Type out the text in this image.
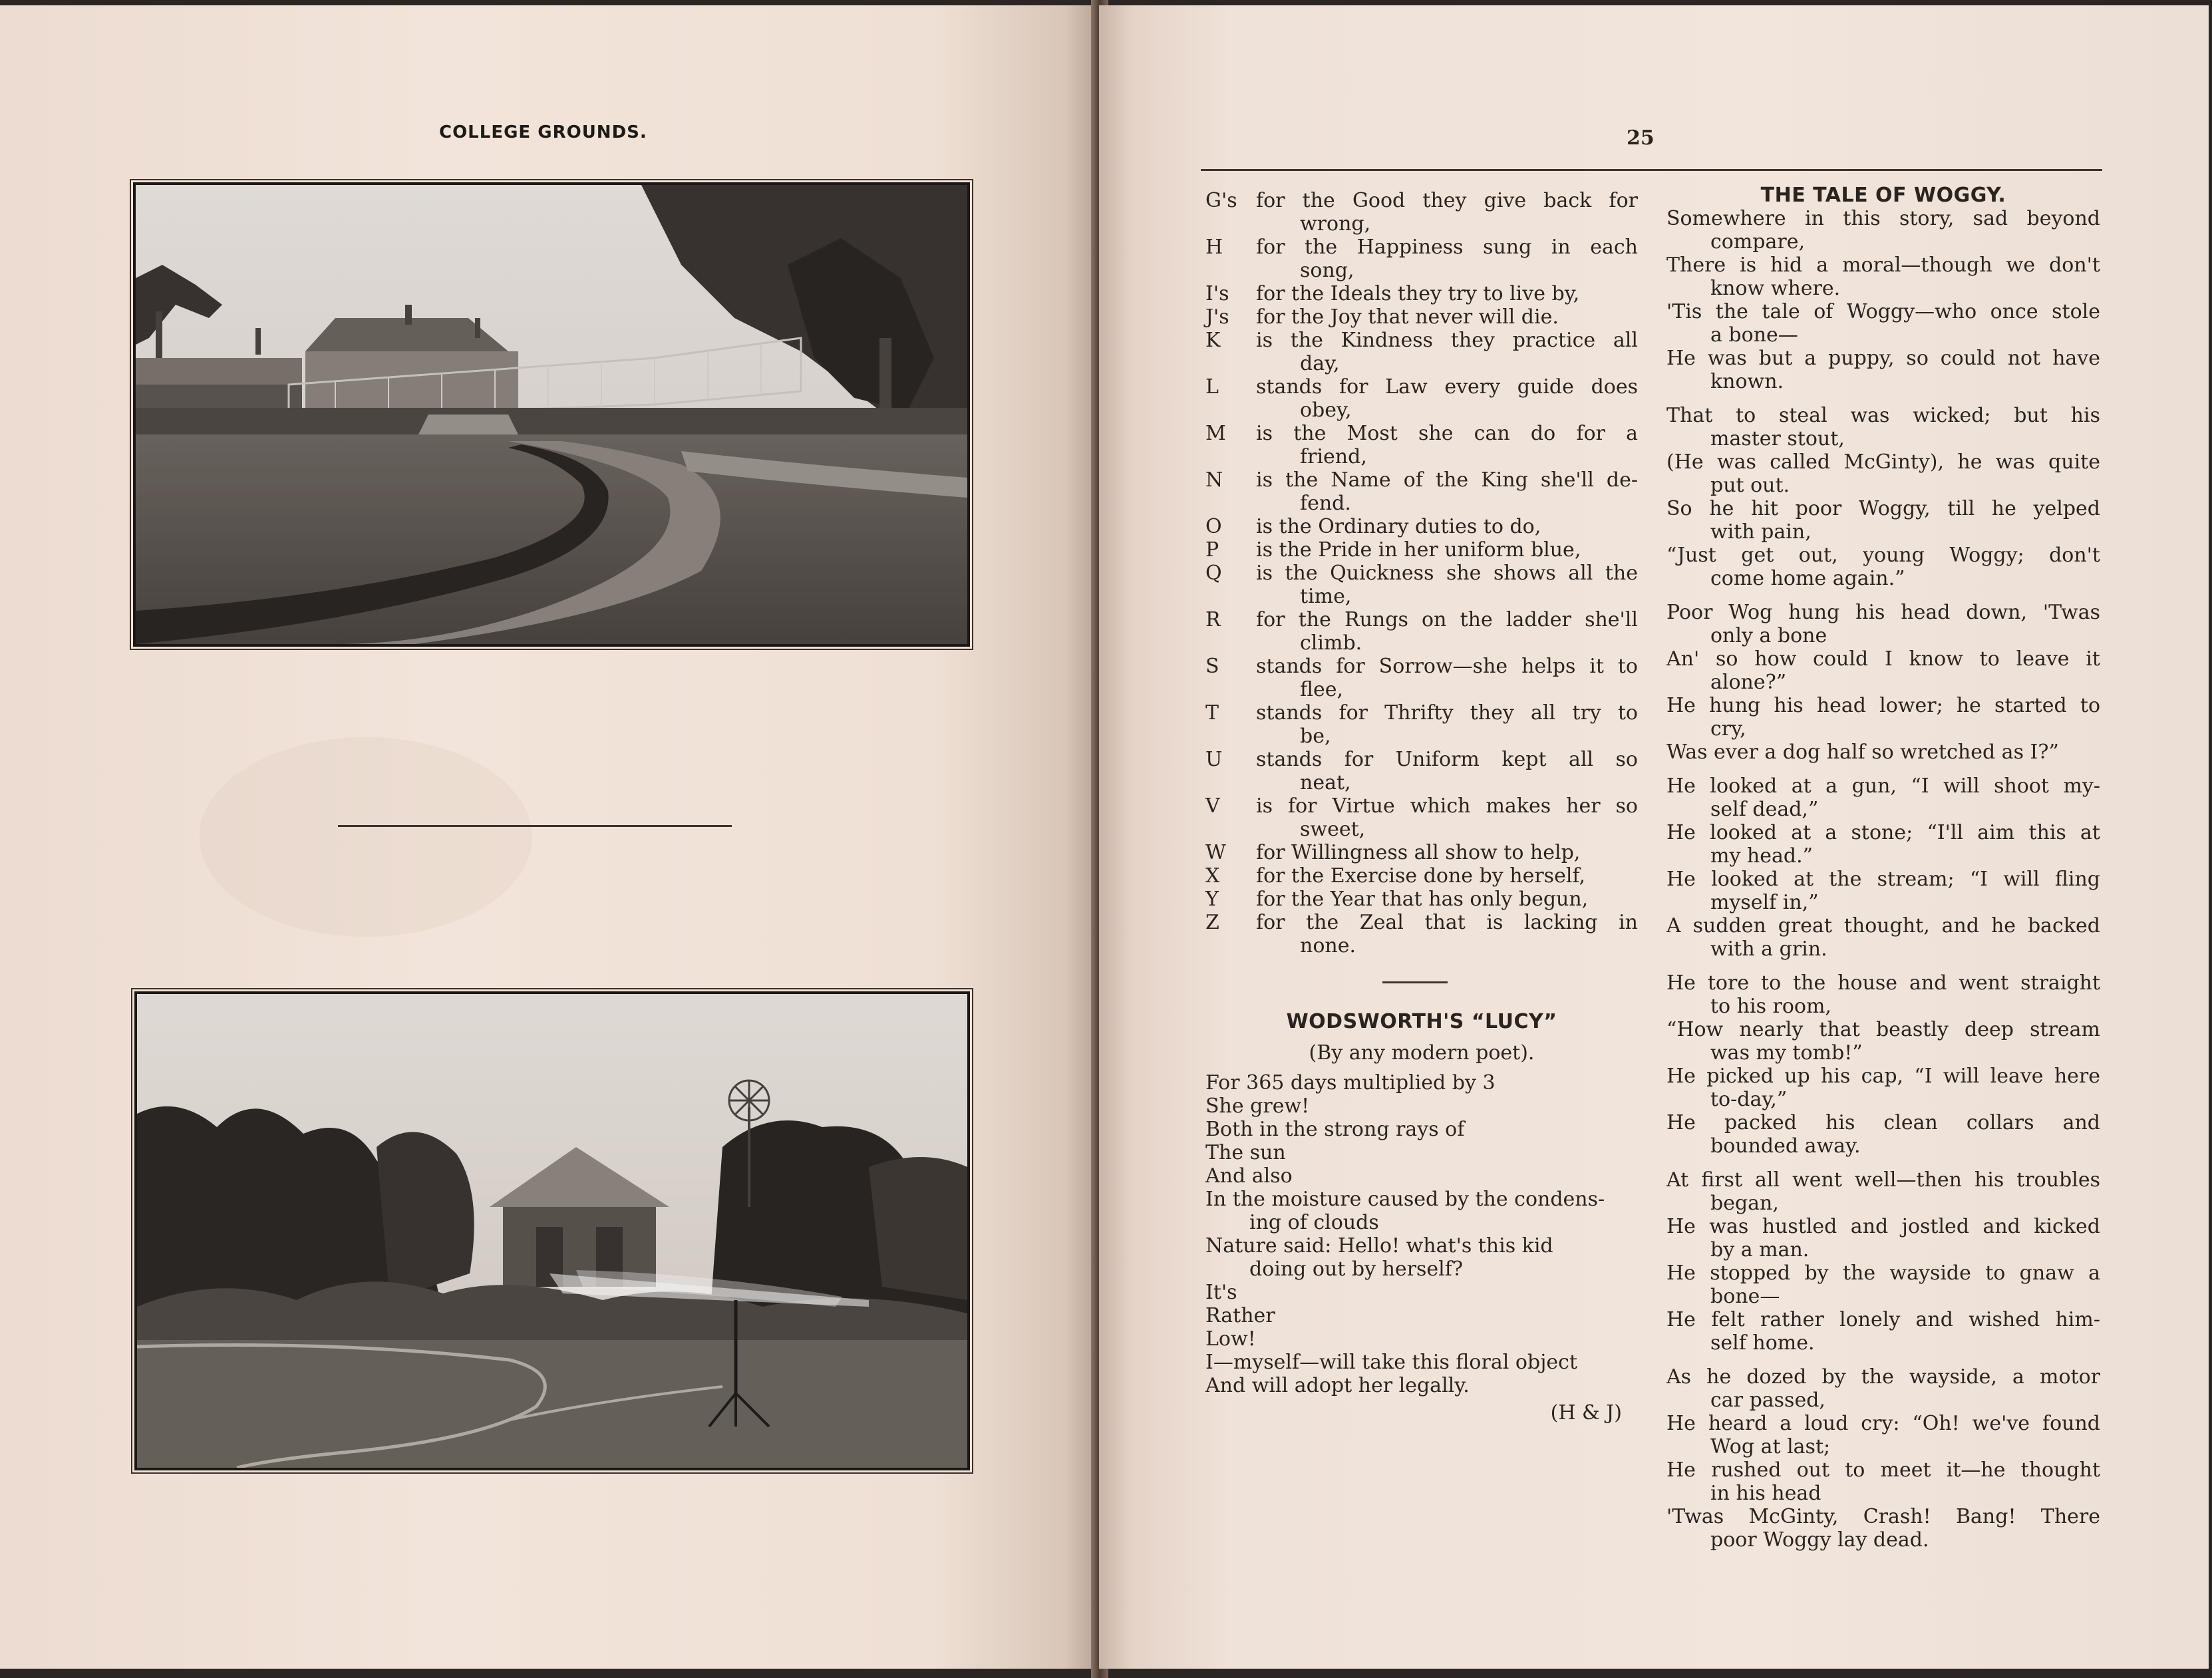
COLLEGE GROUNDS.	25
G's for the Good they give back for
wrong,
H for the Happiness sung in each
song,
I's for the Ideals they try to live by,
J's for the Joy that never will die.
K is the Kindness they practice all
day,
L stands for Law every guide does
obey,
M is the Most she can do for a
friend,
N is the Name of the King she'll de-
fend.
O is the Ordinary duties to do,
P is the Pride in her uniform blue,
Q is the Quickness she shows all the
time,
R for the Rungs on the ladder she'll
climb.
S stands for Sorrow—she helps it to
flee,
T stands for Thrifty they all try to
be,
U stands for Uniform kept all so
neat,
V is for Virtue which makes her so
sweet,
W for Willingness all show to help,
X for the Exercise done by herself,
Y for the Year that has only begun,
Z for the Zeal that is lacking in
none.
WODSWORTH'S “LUCY”
(By any modern poet).
For 365 days multiplied by 3
She grew!
Both in the strong rays of
The sun
And also
In the moisture caused by the condens-
ing of clouds
Nature said: Hello! what's this kid
doing out by herself?
It's
Rather
Low!
I—myself—will take this floral object
And will adopt her legally.
(H & J)
THE TALE OF WOGGY.
Somewhere in this story, sad beyond
compare,
There is hid a moral—though we don't
know where.
'Tis the tale of Woggy—who once stole
a bone—
He was but a puppy, so could not have
known.
That to steal was wicked; but his
master stout,
(He was called McGinty), he was quite
put out.
So he hit poor Woggy, till he yelped
with pain,
“Just get out, young Woggy; don't
come home again.”
Poor Wog hung his head down, 'Twas
only a bone
An' so how could I know to leave it
alone?”
He hung his head lower; he started to
cry,
Was ever a dog half so wretched as I?”
He looked at a gun, “I will shoot my-
self dead,”
He looked at a stone; “I'll aim this at
my head.”
He looked at the stream; “I will fling
myself in,”
A sudden great thought, and he backed
with a grin.
He tore to the house and went straight
to his room,
“How nearly that beastly deep stream
was my tomb!”
He picked up his cap, “I will leave here
to-day,”
He packed his clean collars and
bounded away.
At first all went well—then his troubles
began,
He was hustled and jostled and kicked
by a man.
He stopped by the wayside to gnaw a
bone—
He felt rather lonely and wished him-
self home.
As he dozed by the wayside, a motor
car passed,
He heard a loud cry: “Oh! we've found
Wog at last;
He rushed out to meet it—he thought
in his head
'Twas McGinty, Crash! Bang! There
poor Woggy lay dead.
